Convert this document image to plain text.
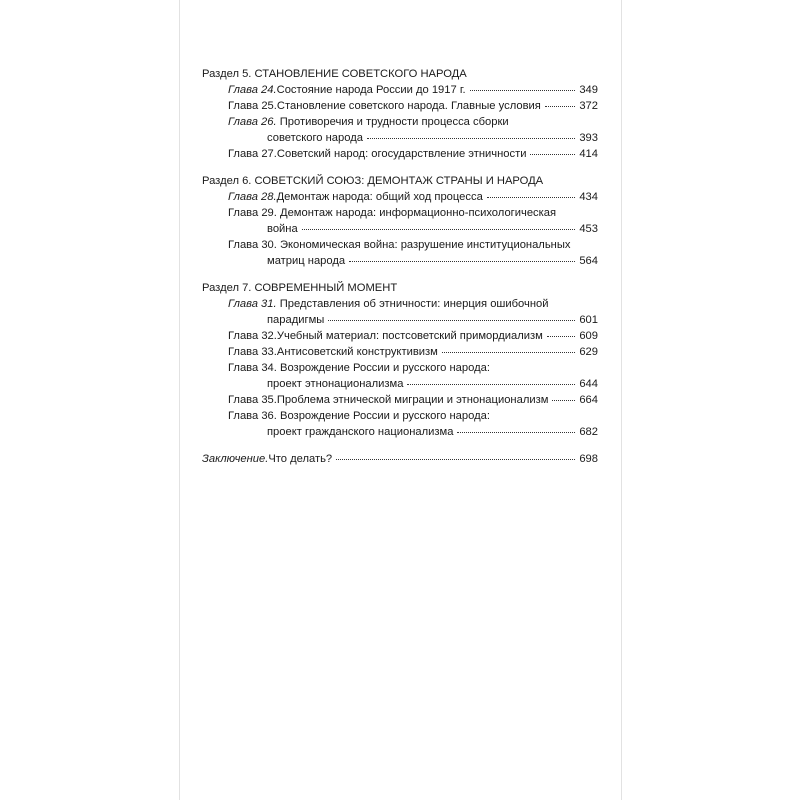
Раздел 5. СТАНОВЛЕНИЕ СОВЕТСКОГО НАРОДА
Глава 24. Состояние народа России до 1917 г.	349
Глава 25. Становление советского народа. Главные условия	372
Глава 26. Противоречия и трудности процесса сборки
советского народа	393
Глава 27. Советский народ: огосударствление этничности	414
Раздел 6. СОВЕТСКИЙ СОЮЗ: ДЕМОНТАЖ СТРАНЫ И НАРОДА
Глава 28. Демонтаж народа: общий ход процесса	434
Глава 29. Демонтаж народа: информационно-психологическая
война	453
Глава 30. Экономическая война: разрушение институциональных
матриц народа	564
Раздел 7. СОВРЕМЕННЫЙ МОМЕНТ
Глава 31. Представления об этничности: инерция ошибочной
парадигмы	601
Глава 32. Учебный материал: постсоветский примордиализм	609
Глава 33. Антисоветский конструктивизм	629
Глава 34. Возрождение России и русского народа:
проект этнонационализма	644
Глава 35. Проблема этнической миграции и этнонационализм	664
Глава 36. Возрождение России и русского народа:
проект гражданского национализма	682
Заключение. Что делать?	698
